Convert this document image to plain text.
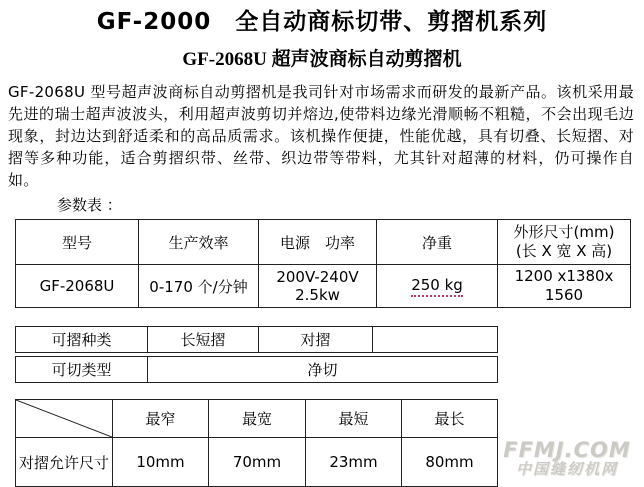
GF-2000　全自动商标切带、剪摺机系列
GF-2068U 超声波商标自动剪摺机

GF-2068U 型号超声波商标自动剪摺机是我司针对市场需求而研发的最新产品。该机采用最先进的瑞士超声波波头，利用超声波剪切并熔边,使带料边缘光滑顺畅不粗糙，不会出现毛边现象，封边达到舒适柔和的高品质需求。该机操作便捷，性能优越，具有切叠、长短摺、对摺等多种功能，适合剪摺织带、丝带、织边带等带料，尤其针对超薄的材料，仍可操作自如。

参数表 ：
型号	生产效率	电源　功率	净重	外形尺寸(mm)
(长 X 宽 X 高)

GF-2068U	0-170 个/分钟	200V-240V 2.5kw	250 kg	1200 x1380x
1560
可摺种类	长短摺	对摺	
可切类型	净切
	最窄	最宽	最短	最长
对摺允许尺寸	10mm	70mm	23mm	80mm	FFMJ.COM
中国缝纫机网
